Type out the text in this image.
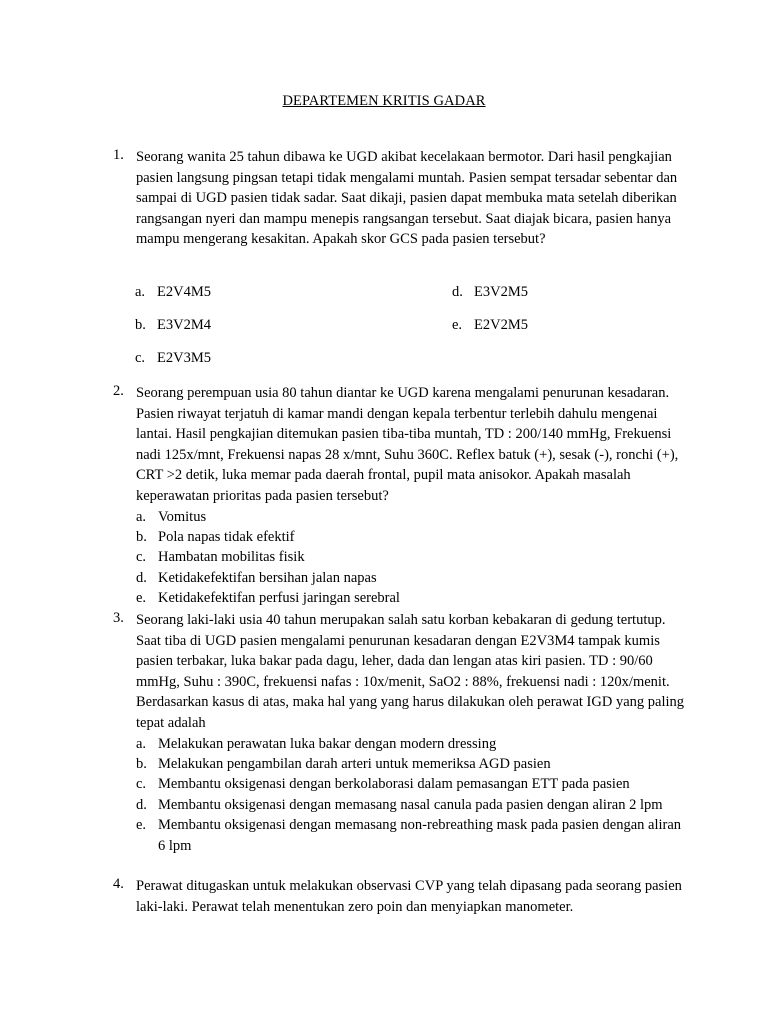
DEPARTEMEN KRITIS GADAR
1. Seorang wanita 25 tahun dibawa ke UGD akibat kecelakaan bermotor. Dari hasil pengkajian pasien langsung pingsan tetapi tidak mengalami muntah. Pasien sempat tersadar sebentar dan sampai di UGD pasien tidak sadar. Saat dikaji, pasien dapat membuka mata setelah diberikan rangsangan nyeri dan mampu menepis rangsangan tersebut. Saat diajak bicara, pasien hanya mampu mengerang kesakitan. Apakah skor GCS pada pasien tersebut?
a. E2V4M5
b. E3V2M4
c. E2V3M5
d. E3V2M5
e. E2V2M5
2. Seorang perempuan usia 80 tahun diantar ke UGD karena mengalami penurunan kesadaran. Pasien riwayat terjatuh di kamar mandi dengan kepala terbentur terlebih dahulu mengenai lantai. Hasil pengkajian ditemukan pasien tiba-tiba muntah, TD : 200/140 mmHg, Frekuensi nadi 125x/mnt, Frekuensi napas 28 x/mnt, Suhu 360C. Reflex batuk (+), sesak (-), ronchi (+), CRT >2 detik, luka memar pada daerah frontal, pupil mata anisokor. Apakah masalah keperawatan prioritas pada pasien tersebut?
a. Vomitus
b. Pola napas tidak efektif
c. Hambatan mobilitas fisik
d. Ketidakefektifan bersihan jalan napas
e. Ketidakefektifan perfusi jaringan serebral
3. Seorang laki-laki usia 40 tahun merupakan salah satu korban kebakaran di gedung tertutup. Saat tiba di UGD pasien mengalami penurunan kesadaran dengan E2V3M4 tampak kumis pasien terbakar, luka bakar pada dagu, leher, dada dan lengan atas kiri pasien. TD : 90/60 mmHg, Suhu : 390C, frekuensi nafas : 10x/menit, SaO2 : 88%, frekuensi nadi : 120x/menit. Berdasarkan kasus di atas, maka hal yang yang harus dilakukan oleh perawat IGD yang paling tepat adalah
a. Melakukan perawatan luka bakar dengan modern dressing
b. Melakukan pengambilan darah arteri untuk memeriksa AGD pasien
c. Membantu oksigenasi dengan berkolaborasi dalam pemasangan ETT pada pasien
d. Membantu oksigenasi dengan memasang nasal canula pada pasien dengan aliran 2 lpm
e. Membantu oksigenasi dengan memasang non-rebreathing mask pada pasien dengan aliran 6 lpm
4. Perawat ditugaskan untuk melakukan observasi CVP yang telah dipasang pada seorang pasien laki-laki. Perawat telah menentukan zero poin dan menyiapkan manometer.
